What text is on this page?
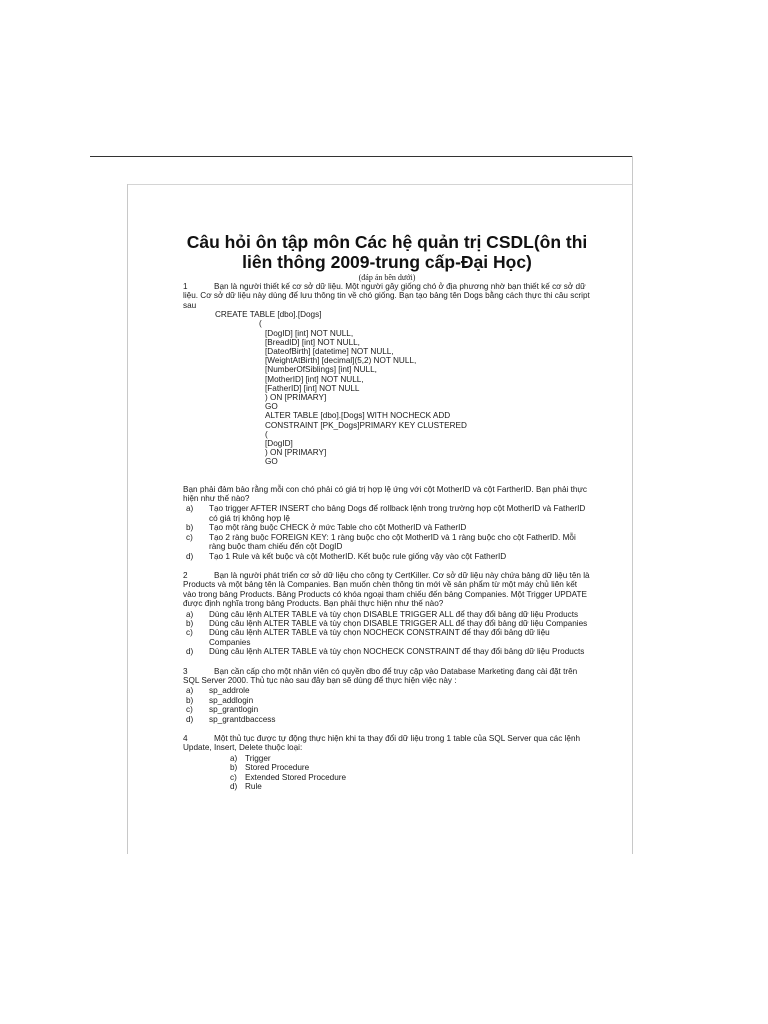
Câu hỏi ôn tập môn Các hệ quản trị CSDL(ôn thi liên thông 2009-trung cấp-Đại Học)
(đáp án bên dưới)
1	Bạn là người thiết kế cơ sở dữ liệu. Một người gây giống chó ở địa phương nhờ bạn thiết kế cơ sở dữ liệu. Cơ sở dữ liệu này dùng để lưu thông tin về chó giống. Bạn tạo bảng tên Dogs bằng cách thực thi câu script sau
CREATE TABLE [dbo].[Dogs]
(
[DogID] [int] NOT NULL,
[BreadID] [int] NOT NULL,
[DateofBirth] [datetime] NOT NULL,
[WeightAtBirth] [decimal](5,2) NOT NULL,
[NumberOfSiblings] [int] NULL,
[MotherID] [int] NOT NULL,
[FatherID] [int] NOT NULL
) ON [PRIMARY]
GO
ALTER TABLE [dbo].[Dogs] WITH NOCHECK ADD
CONSTRAINT [PK_Dogs]PRIMARY KEY CLUSTERED
(
[DogID]
) ON [PRIMARY]
GO
Bạn phải đảm bảo rằng mỗi con chó phải có giá trị hợp lệ ứng với cột MotherID và cột FartherID. Bạn phải thực hiện như thế nào?
a) Tạo trigger AFTER INSERT cho bảng Dogs để rollback lệnh trong trường hợp cột MotherID và FatherID có giá trị không hợp lệ
b) Tạo một ràng buộc CHECK ở mức Table cho cột MotherID và FatherID
c) Tạo 2 ràng buộc FOREIGN KEY: 1 ràng buộc cho cột MotherID và 1 ràng buộc cho cột FatherID. Mỗi ràng buộc tham chiếu đến cột DogID
d) Tạo 1 Rule và kết buộc và cột MotherID. Kết buộc rule giống vậy vào cột FatherID
2	Bạn là người phát triển cơ sở dữ liệu cho công ty CertKiller. Cơ sở dữ liệu này chứa bảng dữ liệu tên là Products và một bảng tên là Companies. Bạn muốn chèn thông tin mới về sản phẩm từ một máy chủ liên kết vào trong bảng Products. Bảng Products có khóa ngoại tham chiếu đến bảng Companies. Một Trigger UPDATE được định nghĩa trong bảng Products. Bạn phải thực hiện như thế nào?
a) Dùng câu lệnh ALTER TABLE và tùy chọn DISABLE TRIGGER ALL để thay đổi bảng dữ liệu Products
b) Dùng câu lệnh ALTER TABLE và tùy chọn DISABLE TRIGGER ALL để thay đổi bảng dữ liệu Companies
c) Dùng câu lệnh ALTER TABLE và tùy chọn NOCHECK CONSTRAINT để thay đổi bảng dữ liệu Companies
d) Dùng câu lệnh ALTER TABLE và tùy chọn NOCHECK CONSTRAINT để thay đổi bảng dữ liệu Products
3	Bạn cần cấp cho một nhân viên có quyền dbo để truy cập vào Database Marketing đang cài đặt trên SQL Server 2000. Thủ tục nào sau đây bạn sẽ dùng để thực hiện việc này :
a) sp_addrole
b) sp_addlogin
c) sp_grantlogin
d) sp_grantdbaccess
4	Một thủ tục được tự động thực hiện khi ta thay đổi dữ liệu trong 1 table của SQL Server qua các lệnh Update, Insert, Delete thuộc loại:
a) Trigger
b) Stored Procedure
c) Extended Stored Procedure
d) Rule
